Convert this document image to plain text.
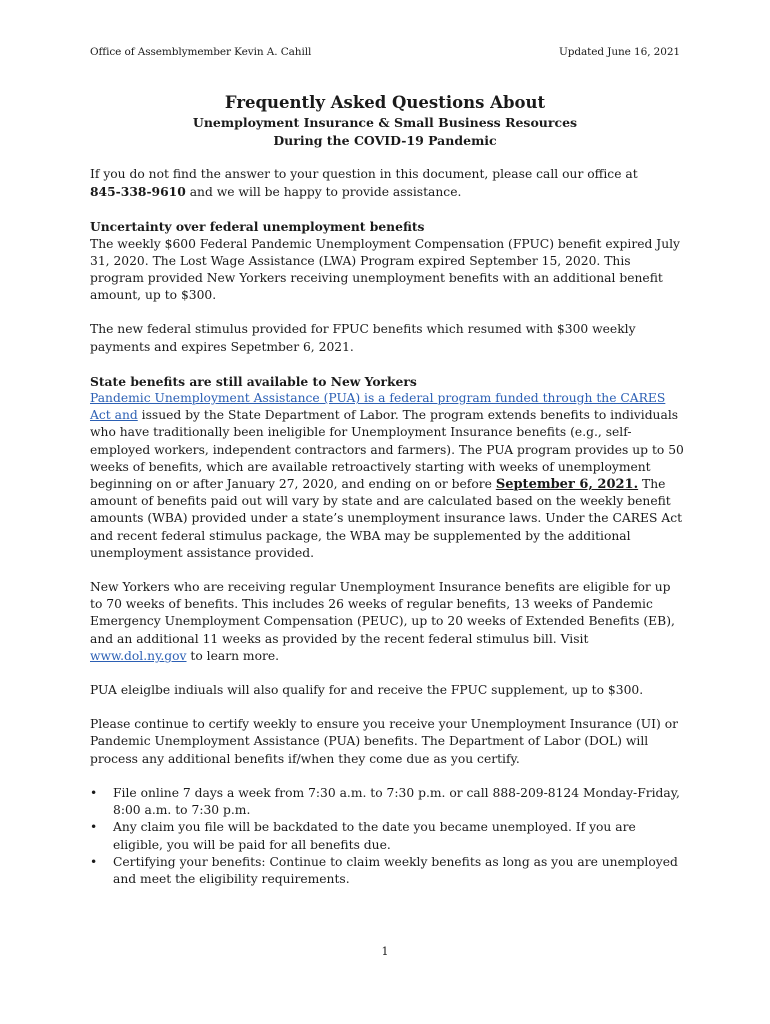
Office of Assemblymember Kevin A. Cahill	Updated June 16, 2021
Frequently Asked Questions About
Unemployment Insurance & Small Business Resources
During the COVID-19 Pandemic

If you do not find the answer to your question in this document, please call our office at
845-338-9610 and we will be happy to provide assistance.

Uncertainty over federal unemployment benefits

The weekly $600 Federal Pandemic Unemployment Compensation (FPUC) benefit expired July 31, 2020. The Lost Wage Assistance (LWA) Program expired September 15, 2020. This program provided New Yorkers receiving unemployment benefits with an additional benefit amount, up to $300.

The new federal stimulus provided for FPUC benefits which resumed with $300 weekly payments and expires Sepetmber 6, 2021.

State benefits are still available to New Yorkers

Pandemic Unemployment Assistance (PUA) is a federal program funded through the CARES Act and issued by the State Department of Labor. The program extends benefits to individuals who have traditionally been ineligible for Unemployment Insurance benefits (e.g., self-employed workers, independent contractors and farmers). The PUA program provides up to 50 weeks of benefits, which are available retroactively starting with weeks of unemployment beginning on or after January 27, 2020, and ending on or before September 6, 2021. The amount of benefits paid out will vary by state and are calculated based on the weekly benefit amounts (WBA) provided under a state’s unemployment insurance laws. Under the CARES Act and recent federal stimulus package, the WBA may be supplemented by the additional unemployment assistance provided.

New Yorkers who are receiving regular Unemployment Insurance benefits are eligible for up to 70 weeks of benefits. This includes 26 weeks of regular benefits, 13 weeks of Pandemic Emergency Unemployment Compensation (PEUC), up to 20 weeks of Extended Benefits (EB), and an additional 11 weeks as provided by the recent federal stimulus bill. Visit www.dol.ny.gov to learn more.

PUA eleiglbe indiuals will also qualify for and receive the FPUC supplement, up to $300.

Please continue to certify weekly to ensure you receive your Unemployment Insurance (UI) or Pandemic Unemployment Assistance (PUA) benefits. The Department of Labor (DOL) will process any additional benefits if/when they come due as you certify.

• File online 7 days a week from 7:30 a.m. to 7:30 p.m. or call 888-209-8124 Monday-Friday, 8:00 a.m. to 7:30 p.m.
• Any claim you file will be backdated to the date you became unemployed. If you are eligible, you will be paid for all benefits due.
• Certifying your benefits: Continue to claim weekly benefits as long as you are unemployed and meet the eligibility requirements.
1
